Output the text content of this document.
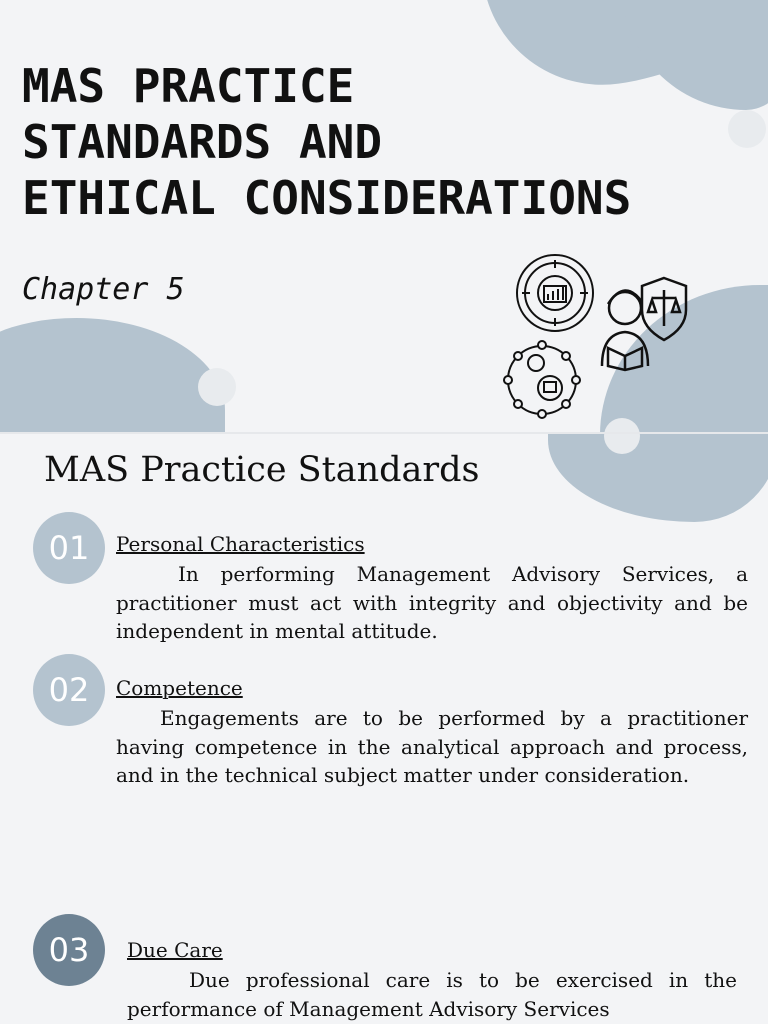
MAS PRACTICE
STANDARDS AND
ETHICAL CONSIDERATIONS
Chapter 5
MAS Practice Standards
01	Personal Characteristics

In performing Management Advisory Services, a practitioner must act with integrity and objectivity and be independent in mental attitude.

02	Competence

Engagements are to be performed by a practitioner having competence in the analytical approach and process, and in the technical subject matter under consideration.

03	Due Care

Due professional care is to be exercised in the performance of Management Advisory Services
